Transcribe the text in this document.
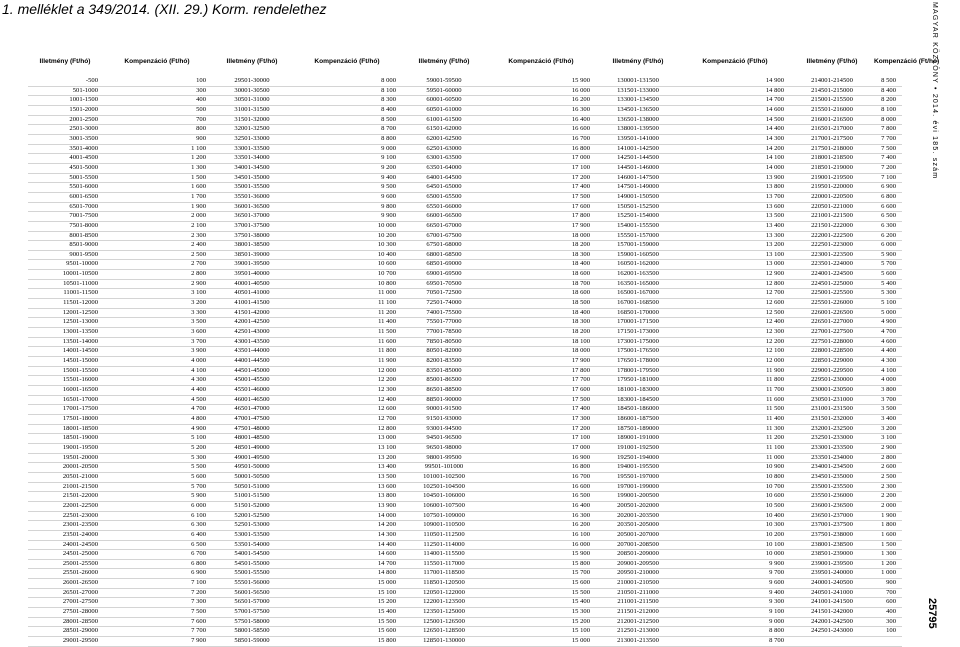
1. melléklet a 349/2014. (XII. 29.) Korm. rendelethez	MAGYAR KÖZLÖNY • 2014. évi 185. szám
25795
Illetmény (Ft/hó)	Kompenzáció (Ft/hó)	Illetmény (Ft/hó)	Kompenzáció (Ft/hó)	Illetmény (Ft/hó)	Kompenzáció (Ft/hó)	Illetmény (Ft/hó)	Kompenzáció (Ft/hó)	Illetmény (Ft/hó)	Kompenzáció (Ft/hó)
-500	100	29501-30000	8 000	59001-59500	15 900	130001-131500	14 900	214001-214500	8 500
501-1000	300	30001-30500	8 100	59501-60000	16 000	131501-133000	14 800	214501-215000	8 400
1001-1500	400	30501-31000	8 300	60001-60500	16 200	133001-134500	14 700	215001-215500	8 200
1501-2000	500	31001-31500	8 400	60501-61000	16 300	134501-136500	14 600	215501-216000	8 100
2001-2500	700	31501-32000	8 500	61001-61500	16 400	136501-138000	14 500	216001-216500	8 000
2501-3000	800	32001-32500	8 700	61501-62000	16 600	138001-139500	14 400	216501-217000	7 800
3001-3500	900	32501-33000	8 800	62001-62500	16 700	139501-141000	14 300	217001-217500	7 700
3501-4000	1 100	33001-33500	9 000	62501-63000	16 800	141001-142500	14 200	217501-218000	7 500
4001-4500	1 200	33501-34000	9 100	63001-63500	17 000	142501-144500	14 100	218001-218500	7 400
4501-5000	1 300	34001-34500	9 200	63501-64000	17 100	144501-146000	14 000	218501-219000	7 200
5001-5500	1 500	34501-35000	9 400	64001-64500	17 200	146001-147500	13 900	219001-219500	7 100
5501-6000	1 600	35001-35500	9 500	64501-65000	17 400	147501-149000	13 800	219501-220000	6 900
6001-6500	1 700	35501-36000	9 600	65001-65500	17 500	149001-150500	13 700	220001-220500	6 800
6501-7000	1 900	36001-36500	9 800	65501-66000	17 600	150501-152500	13 600	220501-221000	6 600
7001-7500	2 000	36501-37000	9 900	66001-66500	17 800	152501-154000	13 500	221001-221500	6 500
7501-8000	2 100	37001-37500	10 000	66501-67000	17 900	154001-155500	13 400	221501-222000	6 300
8001-8500	2 300	37501-38000	10 200	67001-67500	18 000	155501-157000	13 300	222001-222500	6 200
8501-9000	2 400	38001-38500	10 300	67501-68000	18 200	157001-159000	13 200	222501-223000	6 000
9001-9500	2 500	38501-39000	10 400	68001-68500	18 300	159001-160500	13 100	223001-223500	5 900
9501-10000	2 700	39001-39500	10 600	68501-69000	18 400	160501-162000	13 000	223501-224000	5 700
10001-10500	2 800	39501-40000	10 700	69001-69500	18 600	162001-163500	12 900	224001-224500	5 600
10501-11000	2 900	40001-40500	10 800	69501-70500	18 700	163501-165000	12 800	224501-225000	5 400
11001-11500	3 100	40501-41000	11 000	70501-72500	18 600	165001-167000	12 700	225001-225500	5 300
11501-12000	3 200	41001-41500	11 100	72501-74000	18 500	167001-168500	12 600	225501-226000	5 100
12001-12500	3 300	41501-42000	11 200	74001-75500	18 400	168501-170000	12 500	226001-226500	5 000
12501-13000	3 500	42001-42500	11 400	75501-77000	18 300	170001-171500	12 400	226501-227000	4 900
13001-13500	3 600	42501-43000	11 500	77001-78500	18 200	171501-173000	12 300	227001-227500	4 700
13501-14000	3 700	43001-43500	11 600	78501-80500	18 100	173001-175000	12 200	227501-228000	4 600
14001-14500	3 900	43501-44000	11 800	80501-82000	18 000	175001-176500	12 100	228001-228500	4 400
14501-15000	4 000	44001-44500	11 900	82001-83500	17 900	176501-178000	12 000	228501-229000	4 300
15001-15500	4 100	44501-45000	12 000	83501-85000	17 800	178001-179500	11 900	229001-229500	4 100
15501-16000	4 300	45001-45500	12 200	85001-86500	17 700	179501-181000	11 800	229501-230000	4 000
16001-16500	4 400	45501-46000	12 300	86501-88500	17 600	181001-183000	11 700	230001-230500	3 800
16501-17000	4 500	46001-46500	12 400	88501-90000	17 500	183001-184500	11 600	230501-231000	3 700
17001-17500	4 700	46501-47000	12 600	90001-91500	17 400	184501-186000	11 500	231001-231500	3 500
17501-18000	4 800	47001-47500	12 700	91501-93000	17 300	186001-187500	11 400	231501-232000	3 400
18001-18500	4 900	47501-48000	12 800	93001-94500	17 200	187501-189000	11 300	232001-232500	3 200
18501-19000	5 100	48001-48500	13 000	94501-96500	17 100	189001-191000	11 200	232501-233000	3 100
19001-19500	5 200	48501-49000	13 100	96501-98000	17 000	191001-192500	11 100	233001-233500	2 900
19501-20000	5 300	49001-49500	13 200	98001-99500	16 900	192501-194000	11 000	233501-234000	2 800
20001-20500	5 500	49501-50000	13 400	99501-101000	16 800	194001-195500	10 900	234001-234500	2 600
20501-21000	5 600	50001-50500	13 500	101001-102500	16 700	195501-197000	10 800	234501-235000	2 500
21001-21500	5 700	50501-51000	13 600	102501-104500	16 600	197001-199000	10 700	235001-235500	2 300
21501-22000	5 900	51001-51500	13 800	104501-106000	16 500	199001-200500	10 600	235501-236000	2 200
22001-22500	6 000	51501-52000	13 900	106001-107500	16 400	200501-202000	10 500	236001-236500	2 000
22501-23000	6 100	52001-52500	14 000	107501-109000	16 300	202001-203500	10 400	236501-237000	1 900
23001-23500	6 300	52501-53000	14 200	109001-110500	16 200	203501-205000	10 300	237001-237500	1 800
23501-24000	6 400	53001-53500	14 300	110501-112500	16 100	205001-207000	10 200	237501-238000	1 600
24001-24500	6 500	53501-54000	14 400	112501-114000	16 000	207001-208500	10 100	238001-238500	1 500
24501-25000	6 700	54001-54500	14 600	114001-115500	15 900	208501-209000	10 000	238501-239000	1 300
25001-25500	6 800	54501-55000	14 700	115501-117000	15 800	209001-209500	9 900	239001-239500	1 200
25501-26000	6 900	55001-55500	14 800	117001-118500	15 700	209501-210000	9 700	239501-240000	1 000
26001-26500	7 100	55501-56000	15 000	118501-120500	15 600	210001-210500	9 600	240001-240500	900
26501-27000	7 200	56001-56500	15 100	120501-122000	15 500	210501-211000	9 400	240501-241000	700
27001-27500	7 300	56501-57000	15 200	122001-123500	15 400	211001-211500	9 300	241001-241500	600
27501-28000	7 500	57001-57500	15 400	123501-125000	15 300	211501-212000	9 100	241501-242000	400
28001-28500	7 600	57501-58000	15 500	125001-126500	15 200	212001-212500	9 000	242001-242500	300
28501-29000	7 700	58001-58500	15 600	126501-128500	15 100	212501-213000	8 800	242501-243000	100
29001-29500	7 900	58501-59000	15 800	128501-130000	15 000	213001-213500	8 700		
